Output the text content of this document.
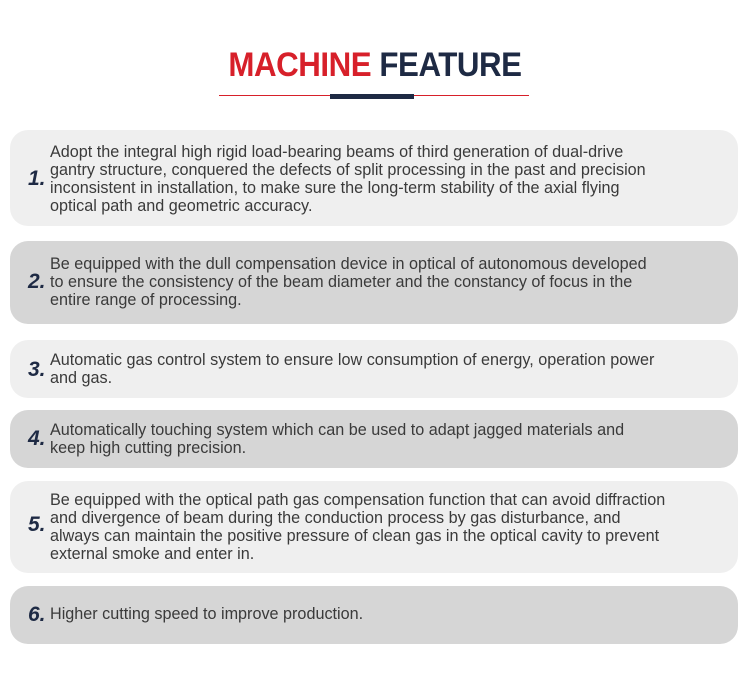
MACHINE FEATURE
1.
Adopt the integral high rigid load-bearing beams of third generation of dual-drive
gantry structure, conquered the defects of split processing in the past and precision
inconsistent in installation, to make sure the long-term stability of the axial flying
optical path and geometric accuracy.
2.
Be equipped with the dull compensation device in optical of autonomous developed
to ensure the consistency of the beam diameter and the constancy of focus in the
entire range of processing.
3. Automatic gas control system to ensure low consumption of energy, operation power
and gas.
4. Automatically touching system which can be used to adapt jagged materials and
keep high cutting precision.
5.
Be equipped with the optical path gas compensation function that can avoid diffraction
and divergence of beam during the conduction process by gas disturbance, and
always can maintain the positive pressure of clean gas in the optical cavity to prevent
external smoke and enter in.
6. Higher cutting speed to improve production.
